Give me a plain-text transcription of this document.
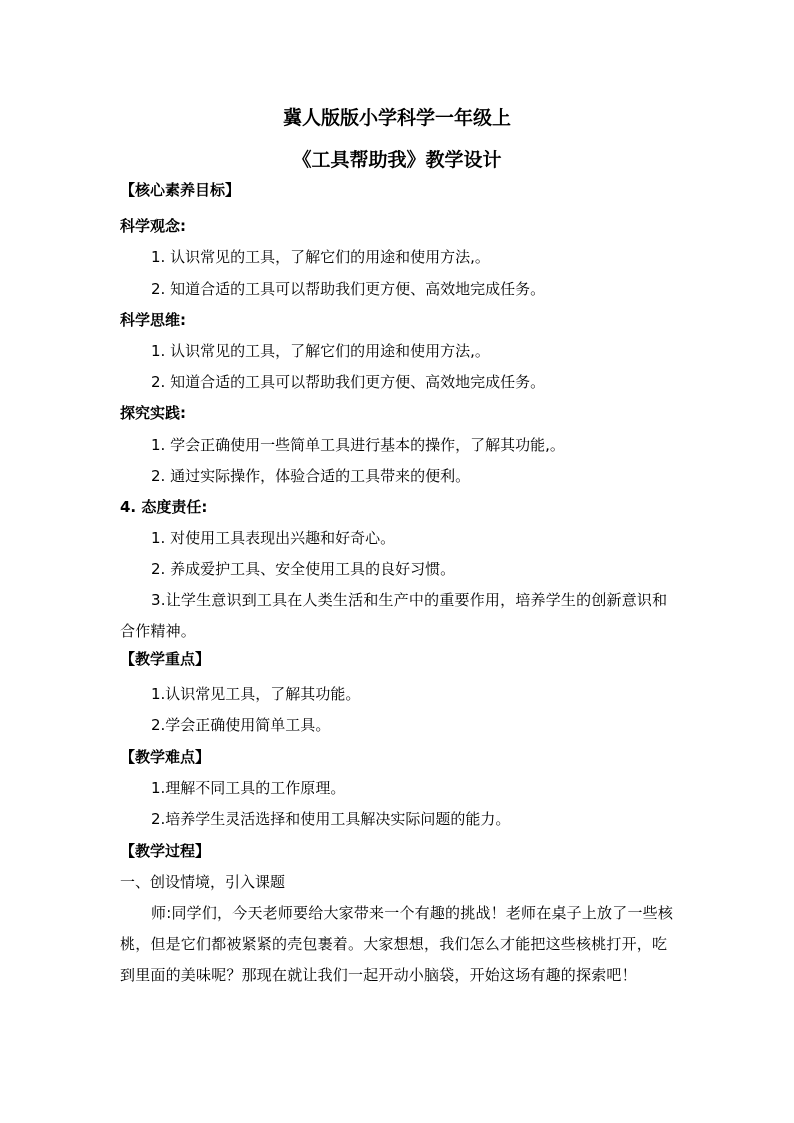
冀人版版小学科学一年级上
《工具帮助我》教学设计
【核心素养目标】
科学观念:
1. 认识常见的工具，了解它们的用途和使用方法,。
2. 知道合适的工具可以帮助我们更方便、高效地完成任务。
科学思维:
1. 认识常见的工具，了解它们的用途和使用方法,。
2. 知道合适的工具可以帮助我们更方便、高效地完成任务。
探究实践:
1. 学会正确使用一些简单工具进行基本的操作，了解其功能,。
2. 通过实际操作，体验合适的工具带来的便利。
4. 态度责任:
1. 对使用工具表现出兴趣和好奇心。
2. 养成爱护工具、安全使用工具的良好习惯。
3.让学生意识到工具在人类生活和生产中的重要作用，培养学生的创新意识和合作精神。
【教学重点】
1.认识常见工具，了解其功能。
2.学会正确使用简单工具。
【教学难点】
1.理解不同工具的工作原理。
2.培养学生灵活选择和使用工具解决实际问题的能力。
【教学过程】
一、创设情境，引入课题
师:同学们，今天老师要给大家带来一个有趣的挑战！老师在桌子上放了一些核桃，但是它们都被紧紧的壳包裹着。大家想想，我们怎么才能把这些核桃打开，吃到里面的美味呢？那现在就让我们一起开动小脑袋，开始这场有趣的探索吧！
